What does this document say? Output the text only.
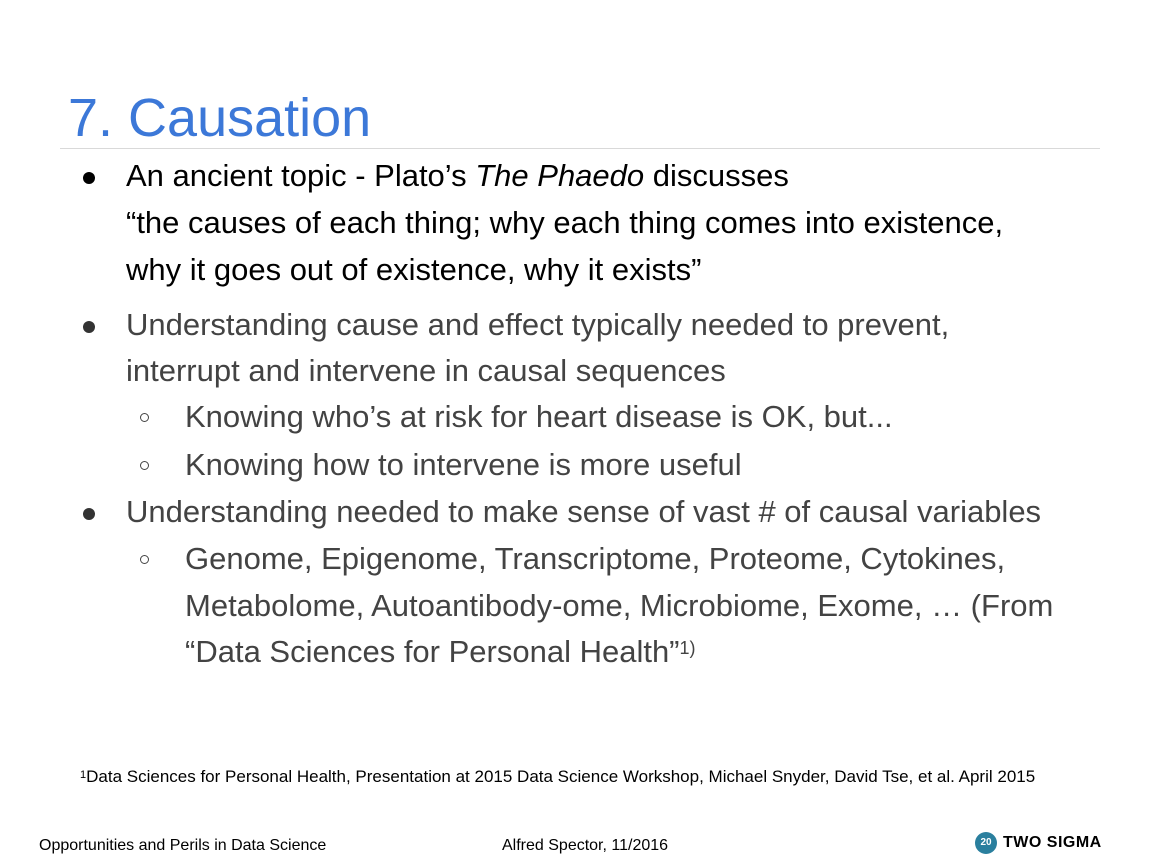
7. Causation
An ancient topic - Plato’s The Phaedo discusses
“the causes of each thing; why each thing comes into existence,
why it goes out of existence, why it exists”
Understanding cause and effect typically needed to prevent,
interrupt and intervene in causal sequences
Knowing who’s at risk for heart disease is OK, but...
Knowing how to intervene is more useful
Understanding needed to make sense of vast # of causal variables
Genome, Epigenome, Transcriptome, Proteome, Cytokines,
Metabolome, Autoantibody-ome, Microbiome, Exome, … (From
“Data Sciences for Personal Health”$^{1)}$
$^1$Data Sciences for Personal Health, Presentation at 2015 Data Science Workshop, Michael Snyder, David Tse, et al. April 2015
Opportunities and Perils in Data Science	Alfred Spector, 11/2016	20 TWO SIGMA
